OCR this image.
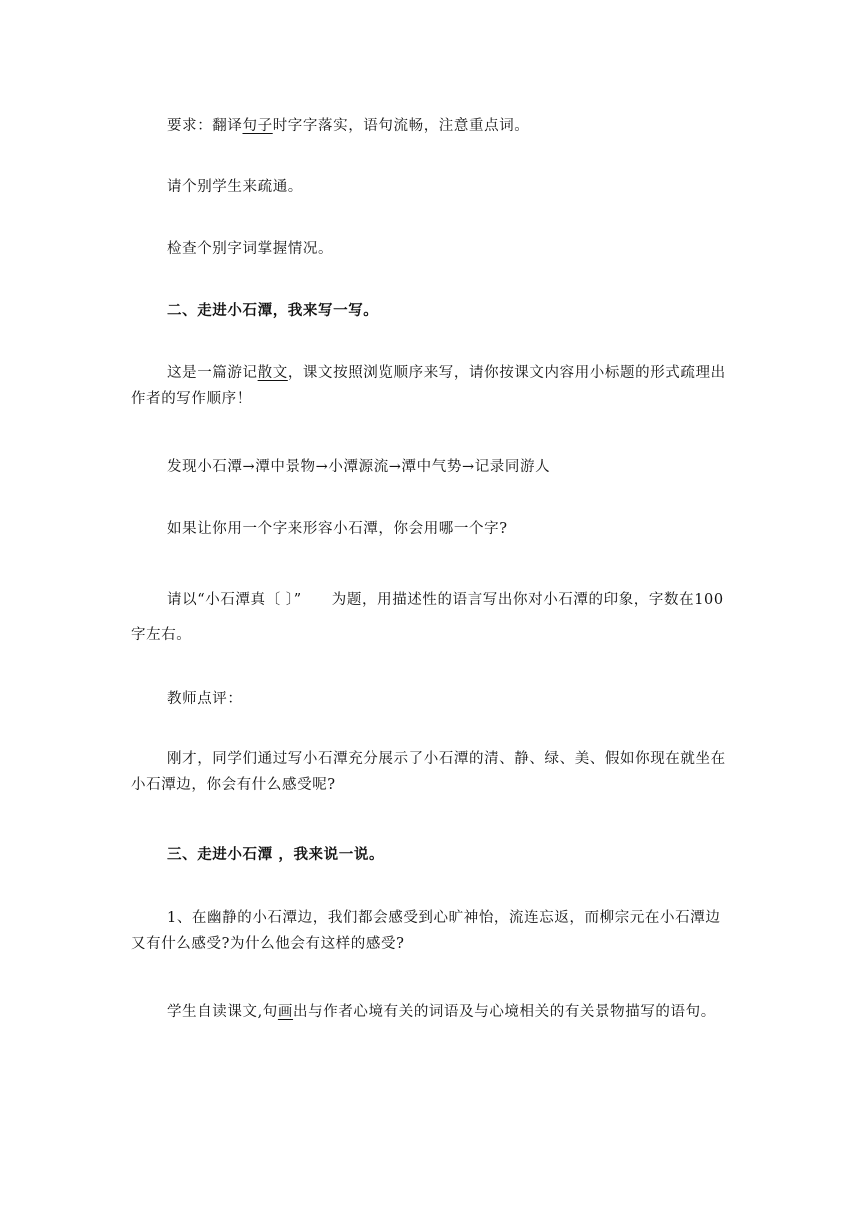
要求：翻译句子时字字落实，语句流畅，注意重点词。

请个别学生来疏通。

检查个别字词掌握情况。

二、走进小石潭，我来写一写。

这是一篇游记散文，课文按照浏览顺序来写，请你按课文内容用小标题的形式疏理出作者的写作顺序！

发现小石潭→潭中景物→小潭源流→潭中气势→记录同游人

如果让你用一个字来形容小石潭，你会用哪一个字?

请以“小石潭真〔 〕” 为题，用描述性的语言写出你对小石潭的印象，字数在100字左右。

教师点评：

刚才，同学们通过写小石潭充分展示了小石潭的清、静、绿、美、假如你现在就坐在小石潭边，你会有什么感受呢?

三、走进小石潭 ，我来说一说。

1、在幽静的小石潭边，我们都会感受到心旷神怡，流连忘返，而柳宗元在小石潭边又有什么感受?为什么他会有这样的感受?

学生自读课文,句画出与作者心境有关的词语及与心境相关的有关景物描写的语句。
